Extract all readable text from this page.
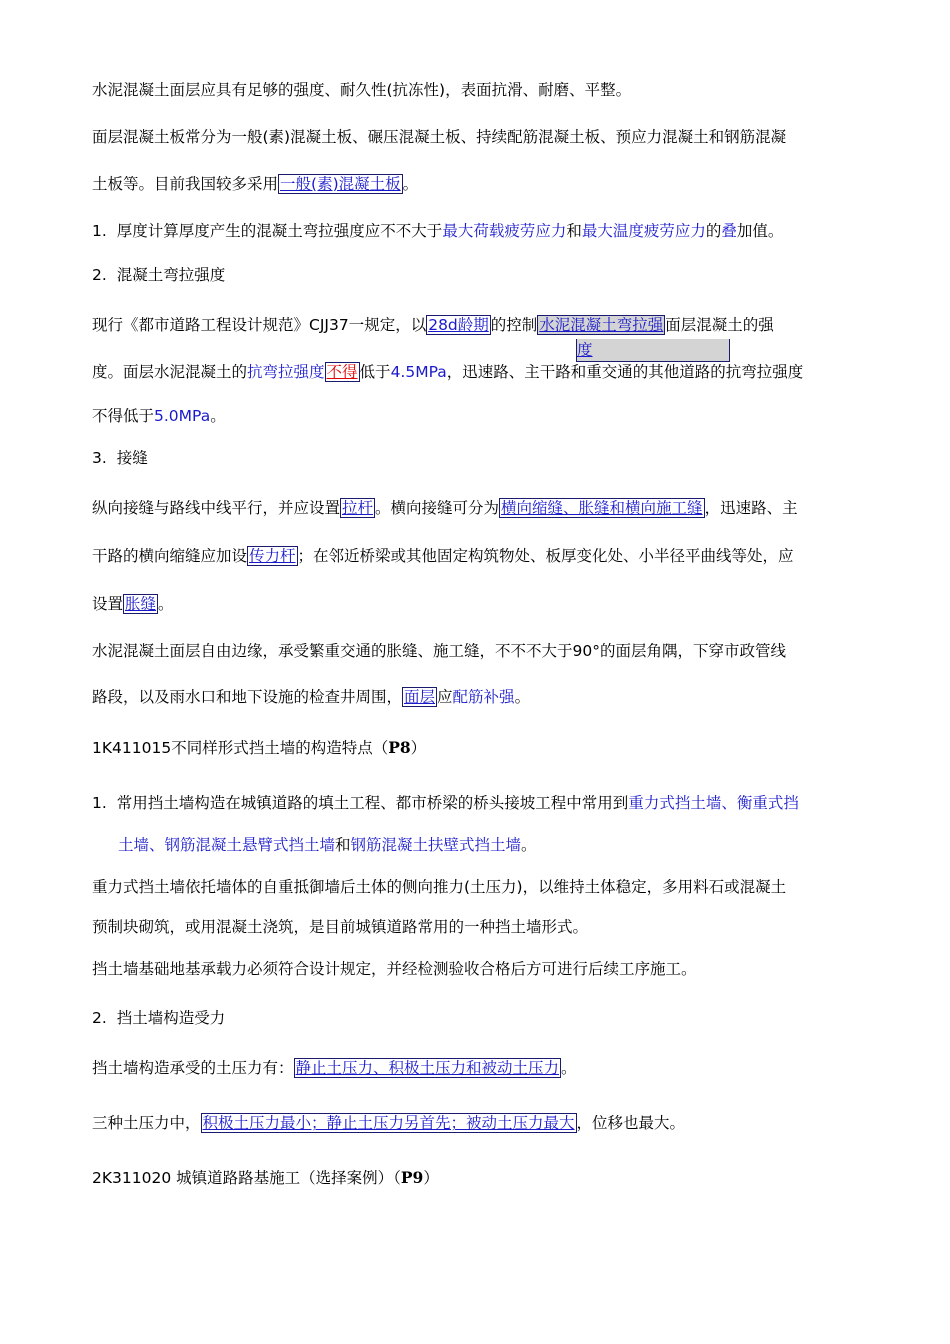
水泥混凝土面层应具有足够的强度、耐久性(抗冻性)，表面抗滑、耐磨、平整。
面层混凝土板常分为一般(素)混凝土板、碾压混凝土板、持续配筋混凝土板、预应力混凝土和钢筋混凝
土板等。目前我国较多采用 一般(素)混凝土板 。
1. 厚度计算厚度产生的混凝土弯拉强度应不不大于最大荷载疲劳应力和最大温度疲劳应力的叠加值。
2. 混凝土弯拉强度
现行《都市道路工程设计规范》CJJ37一规定，以 28d龄期 的控制 水泥混凝土弯拉强 面层混凝土的强
度
度。面层水泥混凝土的抗弯拉强度 不得 低于4.5MPa，迅速路、主干路和重交通的其他道路的抗弯拉强度
不得低于5.0MPa。
3. 接缝
纵向接缝与路线中线平行，并应设置 拉杆 。横向接缝可分为 横向缩缝、胀缝和横向施工缝 ，迅速路、主
干路的横向缩缝应加设 传力杆 ；在邻近桥梁或其他固定构筑物处、板厚变化处、小半径平曲线等处，应
设置 胀缝 。
水泥混凝土面层自由边缘，承受繁重交通的胀缝、施工缝，不不不大于90°的面层角隅，下穿市政管线
路段，以及雨水口和地下设施的检查井周围， 面层 应配筋补强。
1K411015不同样形式挡土墙的构造特点（P8）
1. 常用挡土墙构造在城镇道路的填土工程、都市桥梁的桥头接坡工程中常用到重力式挡土墙、衡重式挡
土墙、钢筋混凝土悬臂式挡土墙和钢筋混凝土扶壁式挡土墙。
重力式挡土墙依托墙体的自重抵御墙后土体的侧向推力(土压力)，以维持土体稳定，多用料石或混凝土
预制块砌筑，或用混凝土浇筑，是目前城镇道路常用的一种挡土墙形式。
挡土墙基础地基承载力必须符合设计规定，并经检测验收合格后方可进行后续工序施工。
2. 挡土墙构造受力
挡土墙构造承受的土压力有： 静止土压力、积极土压力和被动土压力 。
三种土压力中， 积极土压力最小；静止土压力另首先；被动土压力最大 ，位移也最大。
2K311020 城镇道路路基施工（选择案例）（P9）
